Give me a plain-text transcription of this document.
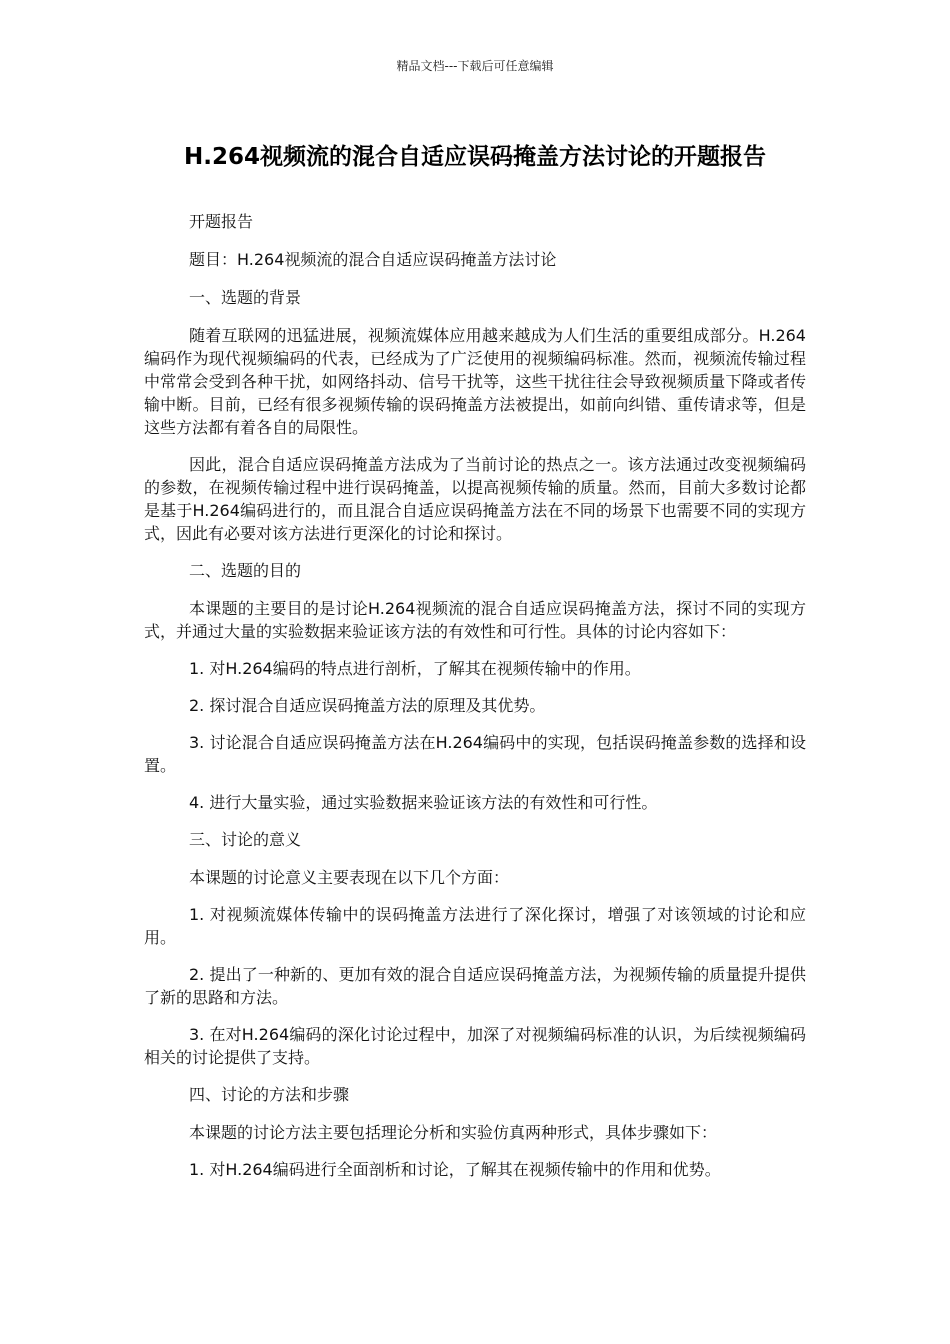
精品文档---下载后可任意编辑
H.264视频流的混合自适应误码掩盖方法讨论的开题报告

开题报告

题目：H.264视频流的混合自适应误码掩盖方法讨论

一、选题的背景

随着互联网的迅猛进展，视频流媒体应用越来越成为人们生活的重要组成部分。H.264编码作为现代视频编码的代表，已经成为了广泛使用的视频编码标准。然而，视频流传输过程中常常会受到各种干扰，如网络抖动、信号干扰等，这些干扰往往会导致视频质量下降或者传输中断。目前，已经有很多视频传输的误码掩盖方法被提出，如前向纠错、重传请求等，但是这些方法都有着各自的局限性。

因此，混合自适应误码掩盖方法成为了当前讨论的热点之一。该方法通过改变视频编码的参数，在视频传输过程中进行误码掩盖，以提高视频传输的质量。然而，目前大多数讨论都是基于H.264编码进行的，而且混合自适应误码掩盖方法在不同的场景下也需要不同的实现方式，因此有必要对该方法进行更深化的讨论和探讨。

二、选题的目的

本课题的主要目的是讨论H.264视频流的混合自适应误码掩盖方法，探讨不同的实现方式，并通过大量的实验数据来验证该方法的有效性和可行性。具体的讨论内容如下：

1. 对H.264编码的特点进行剖析，了解其在视频传输中的作用。

2. 探讨混合自适应误码掩盖方法的原理及其优势。

3. 讨论混合自适应误码掩盖方法在H.264编码中的实现，包括误码掩盖参数的选择和设置。

4. 进行大量实验，通过实验数据来验证该方法的有效性和可行性。

三、讨论的意义

本课题的讨论意义主要表现在以下几个方面：

1. 对视频流媒体传输中的误码掩盖方法进行了深化探讨，增强了对该领域的讨论和应用。

2. 提出了一种新的、更加有效的混合自适应误码掩盖方法，为视频传输的质量提升提供了新的思路和方法。

3. 在对H.264编码的深化讨论过程中，加深了对视频编码标准的认识，为后续视频编码相关的讨论提供了支持。

四、讨论的方法和步骤

本课题的讨论方法主要包括理论分析和实验仿真两种形式，具体步骤如下：

1. 对H.264编码进行全面剖析和讨论，了解其在视频传输中的作用和优势。
